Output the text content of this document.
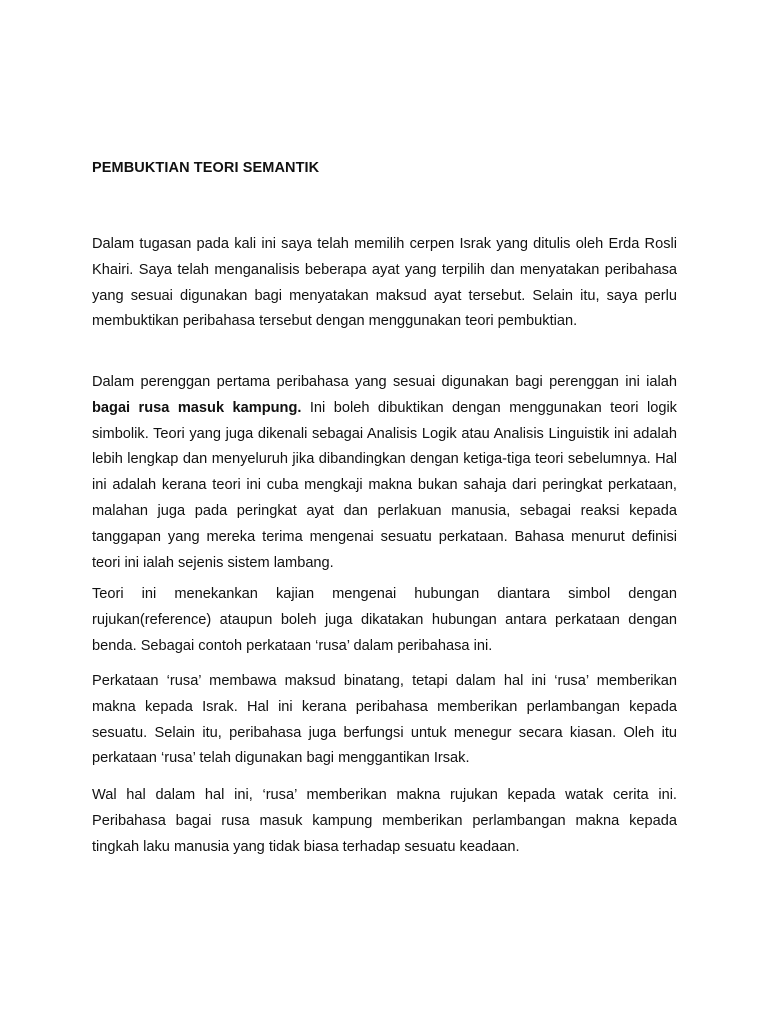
PEMBUKTIAN TEORI SEMANTIK

Dalam tugasan pada kali ini saya telah memilih cerpen Israk yang ditulis oleh Erda Rosli Khairi. Saya telah menganalisis beberapa ayat yang terpilih dan menyatakan peribahasa yang sesuai digunakan bagi menyatakan maksud ayat tersebut. Selain itu, saya perlu membuktikan peribahasa tersebut dengan menggunakan teori pembuktian.

Dalam perenggan pertama peribahasa yang sesuai digunakan bagi perenggan ini ialah bagai rusa masuk kampung. Ini boleh dibuktikan dengan menggunakan teori logik simbolik. Teori yang juga dikenali sebagai Analisis Logik atau Analisis Linguistik ini adalah lebih lengkap dan menyeluruh jika dibandingkan dengan ketiga-tiga teori sebelumnya. Hal ini adalah kerana teori ini cuba mengkaji makna bukan sahaja dari peringkat perkataan, malahan juga pada peringkat ayat dan perlakuan manusia, sebagai reaksi kepada tanggapan yang mereka terima mengenai sesuatu perkataan. Bahasa menurut definisi teori ini ialah sejenis sistem lambang.

Teori ini menekankan kajian mengenai hubungan diantara simbol dengan rujukan(reference) ataupun boleh juga dikatakan hubungan antara perkataan dengan benda. Sebagai contoh perkataan ‘rusa’ dalam peribahasa ini.

Perkataan ‘rusa’ membawa maksud binatang, tetapi dalam hal ini ‘rusa’ memberikan makna kepada Israk. Hal ini kerana peribahasa memberikan perlambangan kepada sesuatu. Selain itu, peribahasa juga berfungsi untuk menegur secara kiasan. Oleh itu perkataan ‘rusa’ telah digunakan bagi menggantikan Irsak.

Wal hal dalam hal ini, ‘rusa’ memberikan makna rujukan kepada watak cerita ini. Peribahasa bagai rusa masuk kampung memberikan perlambangan makna kepada tingkah laku manusia yang tidak biasa terhadap sesuatu keadaan.
